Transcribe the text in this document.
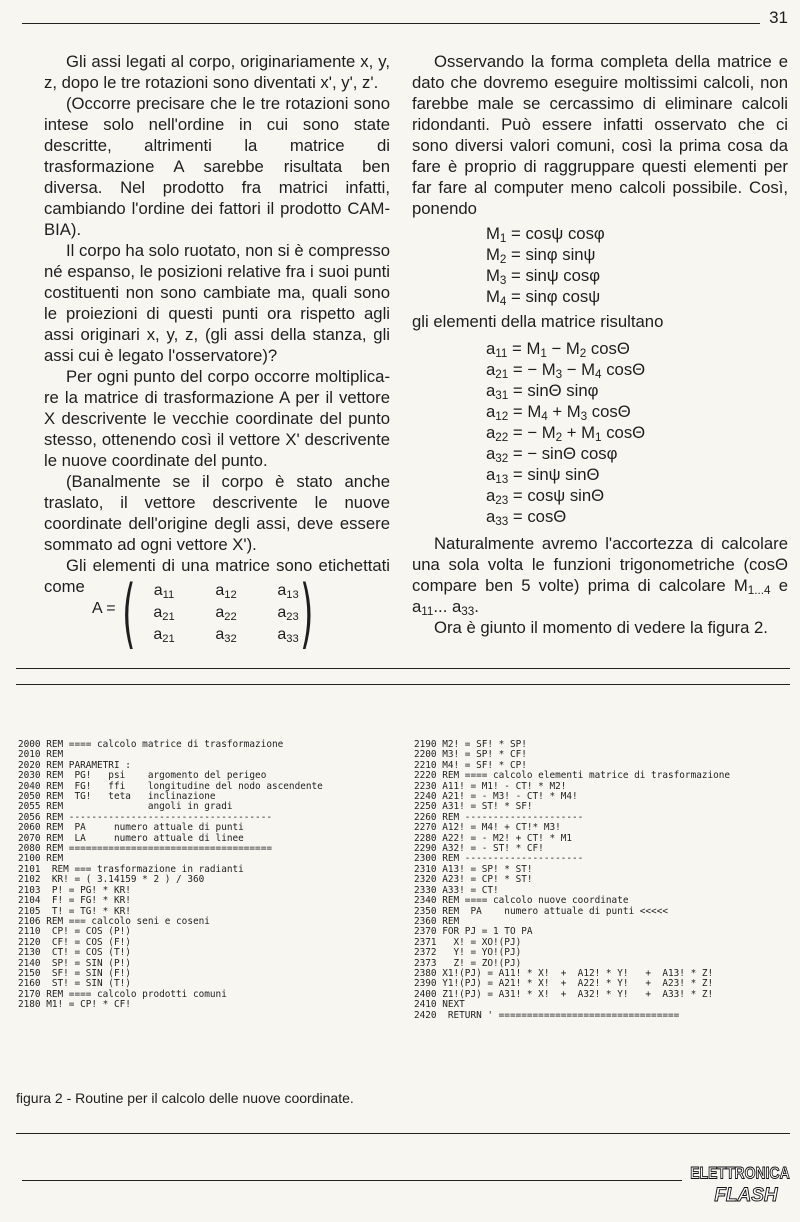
31

Gli assi legati al corpo, originariamente x, y, z, dopo le tre rotazioni sono diventati x', y', z'.

(Occorre precisare che le tre rotazioni sono intese solo nell'ordine in cui sono state descritte, altrimenti la matrice di trasformazione A sarebbe risultata ben diversa. Nel prodotto fra matrici infatti, cambiando l'ordine dei fattori il prodotto CAMBIA).

Il corpo ha solo ruotato, non si è compresso né espanso, le posizioni relative fra i suoi punti costituenti non sono cambiate ma, quali sono le proiezioni di questi punti ora rispetto agli assi originari x, y, z, (gli assi della stanza, gli assi cui è legato l'osservatore)?

Per ogni punto del corpo occorre moltiplicare la matrice di trasformazione A per il vettore X descrivente le vecchie coordinate del punto stesso, ottenendo così il vettore X' descrivente le nuove coordinate del punto.

(Banalmente se il corpo è stato anche traslato, il vettore descrivente le nuove coordinate dell'origine degli assi, deve essere sommato ad ogni vettore X').

Gli elementi di una matrice sono etichettati come

A = ( )
$a_{11}$	$a_{12}$	$a_{13}$
$a_{21}$	$a_{22}$	$a_{23}$
$a_{21}$	$a_{32}$	$a_{33}$

Osservando la forma completa della matrice e dato che dovremo eseguire moltissimi calcoli, non farebbe male se cercassimo di eliminare calcoli ridondanti. Può essere infatti osservato che ci sono diversi valori comuni, così la prima cosa da fare è proprio di raggruppare questi elementi per far fare al computer meno calcoli possibile. Così, ponendo

$M_1 = \cos\psi$ cosφ
$M_2 = \sin\varphi$ sinψ
$M_3 = \sin\psi$ cosφ
$M_4 = \sin\varphi$ cosψ

gli elementi della matrice risultano

$a_{11} = M_1 - M_2$ cosΘ
$a_{21}$ = − $M_3 - M_4$ cosΘ
$a_{31} = \sin\Theta$ sinφ
$a_{12} = M_4 + M_3$ cosΘ
$a_{22}$ = − $M_2 + M_1$ cosΘ
$a_{32}$ = − sinΘ cosφ
$a_{13} = \sin\psi$ sinΘ
$a_{23} = \cos\psi$ sinΘ
$a_{33} = \cos\Theta$

Naturalmente avremo l'accortezza di calcolare una sola volta le funzioni trigonometriche (cosΘ compare ben 5 volte) prima di calcolare $M_{1...4}$ e $a_{11}$... $a_{33}$.

Ora è giunto il momento di vedere la figura 2.

2000 REM ==== calcolo matrice di trasformazione
2010 REM
2020 REM PARAMETRI :
2030 REM  PG!   psi    argomento del perigeo
2040 REM  FG!   ffi    longitudine del nodo ascendente
2050 REM  TG!   teta   inclinazione
2055 REM               angoli in gradi
2056 REM ------------------------------------
2060 REM  PA     numero attuale di punti
2070 REM  LA     numero attuale di linee
2080 REM ====================================
2100 REM
2101  REM === trasformazione in radianti
2102  KR! = ( 3.14159 * 2 ) / 360
2103  P! = PG! * KR!
2104  F! = FG! * KR!
2105  T! = TG! * KR!
2106 REM === calcolo seni e coseni
2110  CP! = COS (P!)
2120  CF! = COS (F!)
2130  CT! = COS (T!)
2140  SP! = SIN (P!)
2150  SF! = SIN (F!)
2160  ST! = SIN (T!)
2170 REM ==== calcolo prodotti comuni
2180 M1! = CP! * CF!
2190 M2! = SF! * SP!
2200 M3! = SP! * CF!
2210 M4! = SF! * CP!
2220 REM ==== calcolo elementi matrice di trasformazione
2230 A11! = M1! - CT! * M2!
2240 A21! = - M3! - CT! * M4!
2250 A31! = ST! * SF!
2260 REM ---------------------
2270 A12! = M4! + CT!* M3!
2280 A22! = - M2! + CT! * M1
2290 A32! = - ST! * CF!
2300 REM ---------------------
2310 A13! = SP! * ST!
2320 A23! = CP! * ST!
2330 A33! = CT!
2340 REM ==== calcolo nuove coordinate
2350 REM  PA    numero attuale di punti <<<<<
2360 REM
2370 FOR PJ = 1 TO PA
2371   X! = XO!(PJ)
2372   Y! = YO!(PJ)
2373   Z! = ZO!(PJ)
2380 X1!(PJ) = A11! * X!  +  A12! * Y!   +  A13! * Z!
2390 Y1!(PJ) = A21! * X!  +  A22! * Y!   +  A23! * Z!
2400 Z1!(PJ) = A31! * X!  +  A32! * Y!   +  A33! * Z!
2410 NEXT
2420  RETURN ' ================================
figura 2 - Routine per il calcolo delle nuove coordinate.
ELETTRONICA
FLASH
